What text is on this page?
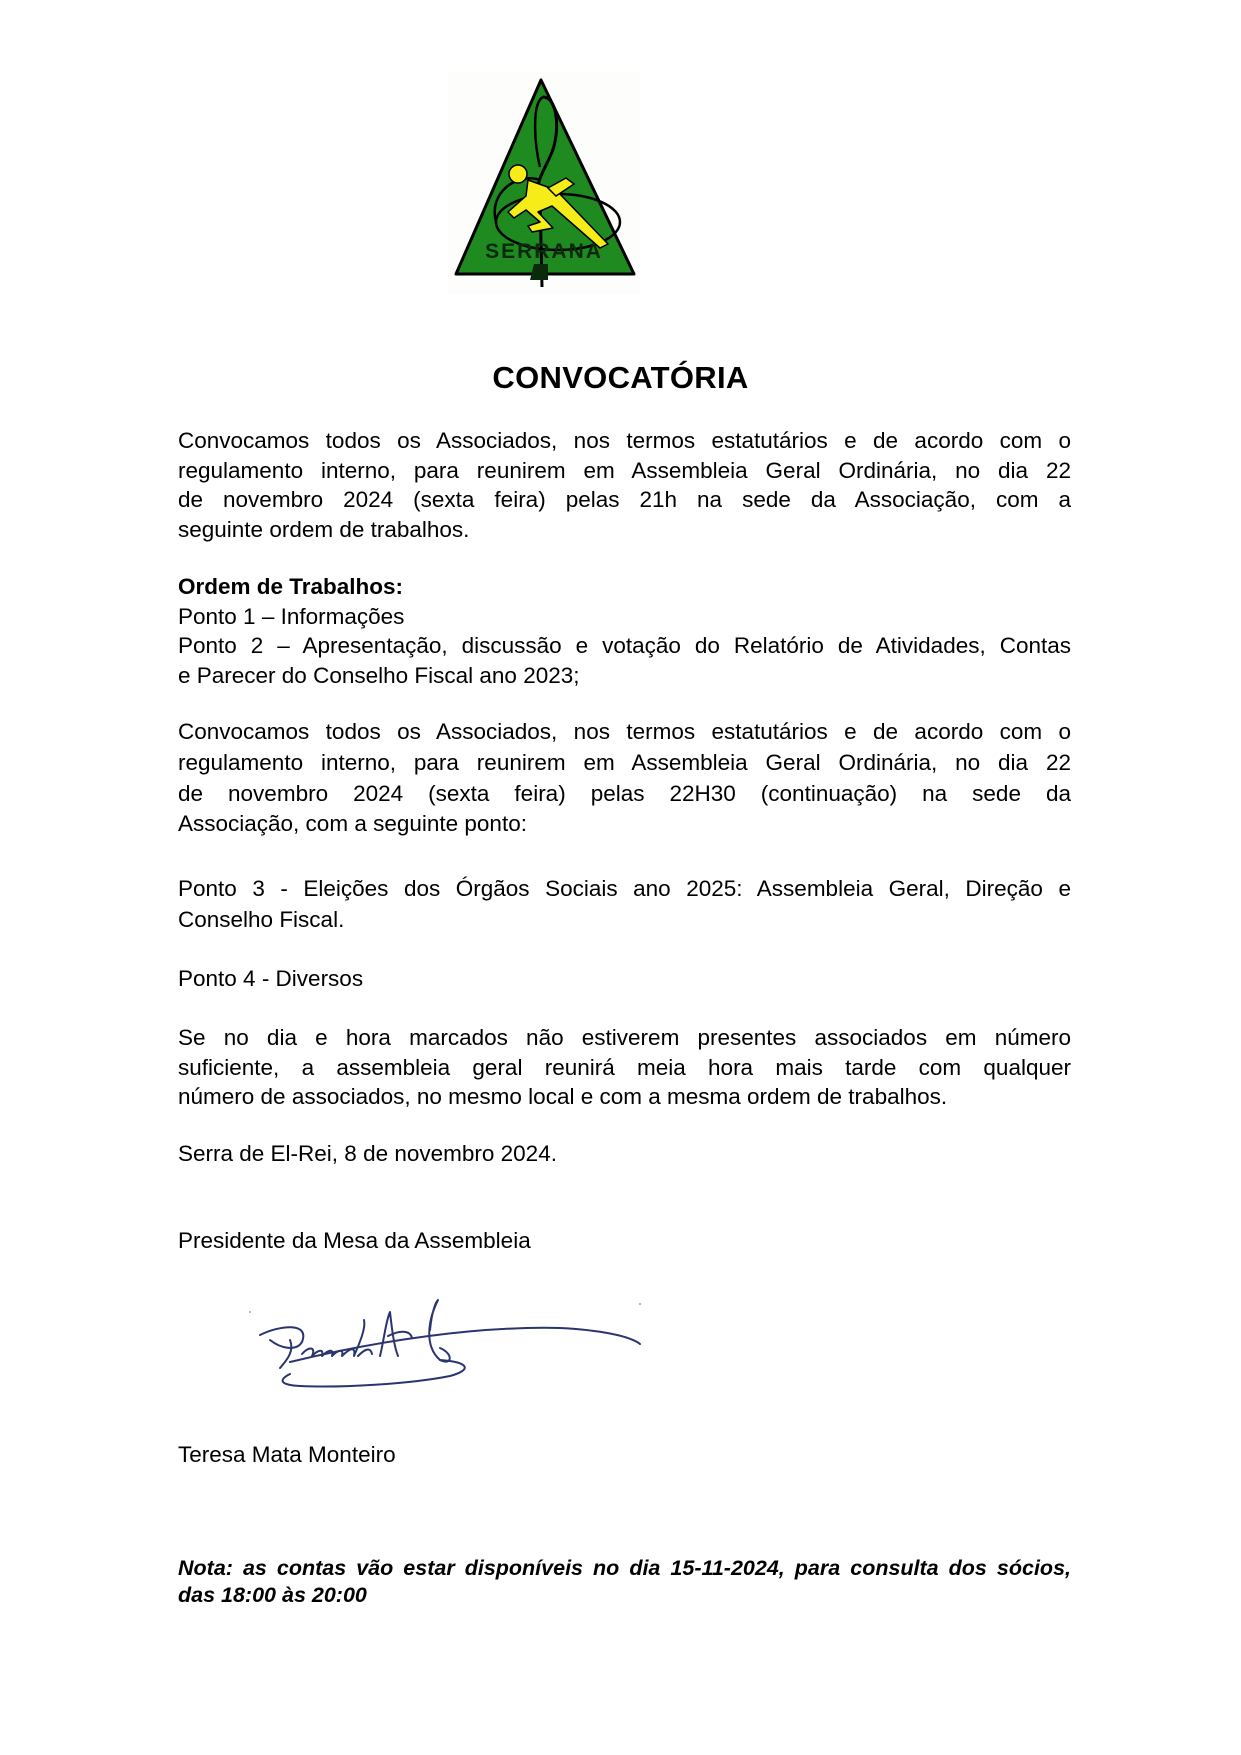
SERRANA
CONVOCATÓRIA
Convocamos todos os Associados, nos termos estatutários e de acordo com o
regulamento interno, para reunirem em Assembleia Geral Ordinária, no dia 22
de novembro 2024 (sexta feira) pelas 21h na sede da Associação, com a
seguinte ordem de trabalhos.
Ordem de Trabalhos:
Ponto 1 – Informações
Ponto 2 – Apresentação, discussão e votação do Relatório de Atividades, Contas
e Parecer do Conselho Fiscal ano 2023;
Convocamos todos os Associados, nos termos estatutários e de acordo com o
regulamento interno, para reunirem em Assembleia Geral Ordinária, no dia 22
de novembro 2024 (sexta feira) pelas 22H30 (continuação) na sede da
Associação, com a seguinte ponto:
Ponto 3 - Eleições dos Órgãos Sociais ano 2025: Assembleia Geral, Direção e
Conselho Fiscal.
Ponto 4 - Diversos
Se no dia e hora marcados não estiverem presentes associados em número
suficiente, a assembleia geral reunirá meia hora mais tarde com qualquer
número de associados, no mesmo local e com a mesma ordem de trabalhos.
Serra de El-Rei, 8 de novembro 2024.
Presidente da Mesa da Assembleia
Teresa Mata Monteiro
Nota: as contas vão estar disponíveis no dia 15-11-2024, para consulta dos sócios,
das 18:00 às 20:00
